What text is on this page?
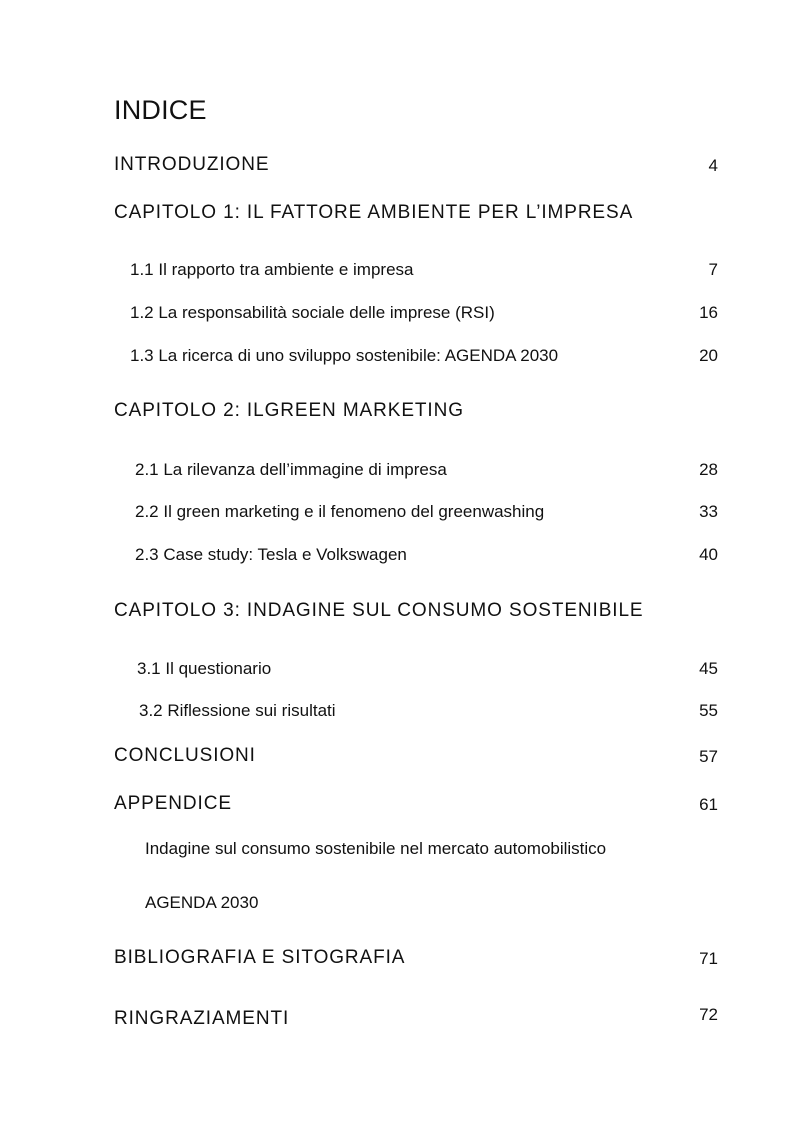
INDICE
INTRODUZIONE	4
CAPITOLO 1: IL FATTORE AMBIENTE PER L’IMPRESA
1.1 Il rapporto tra ambiente e impresa	7
1.2 La responsabilità sociale delle imprese (RSI)	16
1.3 La ricerca di uno sviluppo sostenibile: AGENDA 2030	20
CAPITOLO 2: ILGREEN MARKETING
2.1 La rilevanza dell’immagine di impresa	28
2.2 Il green marketing e il fenomeno del greenwashing	33
2.3 Case study: Tesla e Volkswagen	40
CAPITOLO 3: INDAGINE SUL CONSUMO SOSTENIBILE
3.1 Il questionario	45
3.2 Riflessione sui risultati	55
CONCLUSIONI	57
APPENDICE	61
Indagine sul consumo sostenibile nel mercato automobilistico
AGENDA 2030
BIBLIOGRAFIA E SITOGRAFIA	71
RINGRAZIAMENTI	72
